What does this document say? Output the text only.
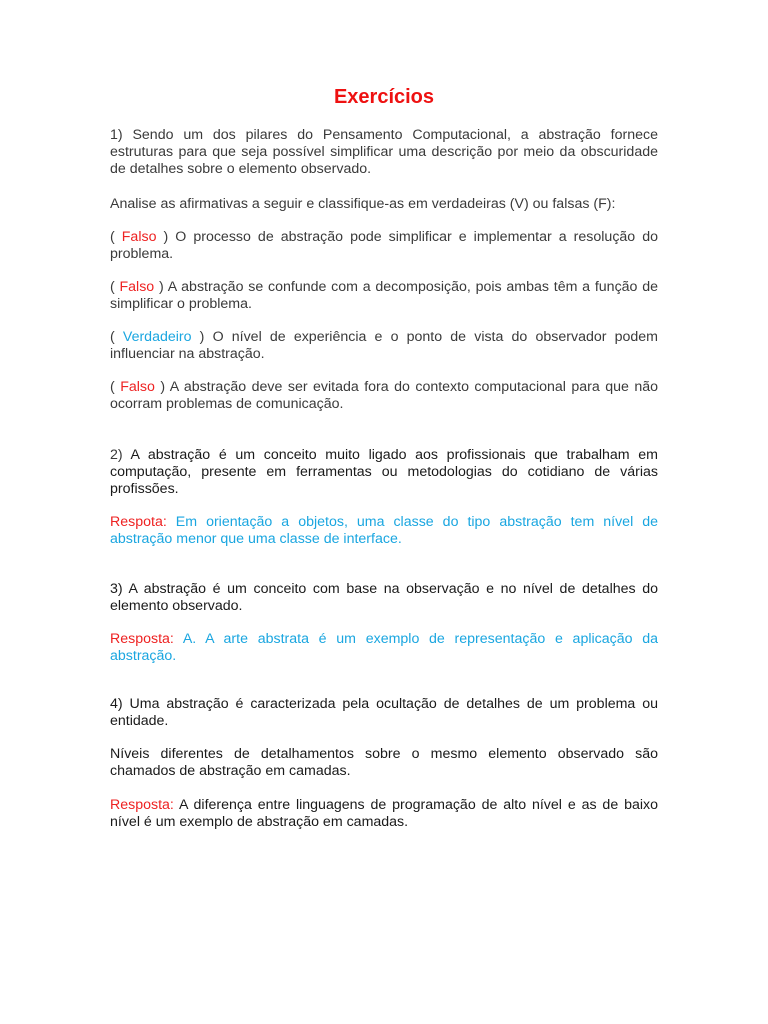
Exercícios
1) Sendo um dos pilares do Pensamento Computacional, a abstração fornece estruturas para que seja possível simplificar uma descrição por meio da obscuridade de detalhes sobre o elemento observado.
Analise as afirmativas a seguir e classifique-as em verdadeiras (V) ou falsas (F):
( Falso ) O processo de abstração pode simplificar e implementar a resolução do problema.
( Falso ) A abstração se confunde com a decomposição, pois ambas têm a função de simplificar o problema.
( Verdadeiro ) O nível de experiência e o ponto de vista do observador podem influenciar na abstração.
( Falso ) A abstração deve ser evitada fora do contexto computacional para que não ocorram problemas de comunicação.
2) A abstração é um conceito muito ligado aos profissionais que trabalham em computação, presente em ferramentas ou metodologias do cotidiano de várias profissões.
Respota: Em orientação a objetos, uma classe do tipo abstração tem nível de abstração menor que uma classe de interface.
3) A abstração é um conceito com base na observação e no nível de detalhes do elemento observado.
Resposta: A. A arte abstrata é um exemplo de representação e aplicação da abstração.
4) Uma abstração é caracterizada pela ocultação de detalhes de um problema ou entidade.
Níveis diferentes de detalhamentos sobre o mesmo elemento observado são chamados de abstração em camadas.
Resposta: A diferença entre linguagens de programação de alto nível e as de baixo nível é um exemplo de abstração em camadas.
